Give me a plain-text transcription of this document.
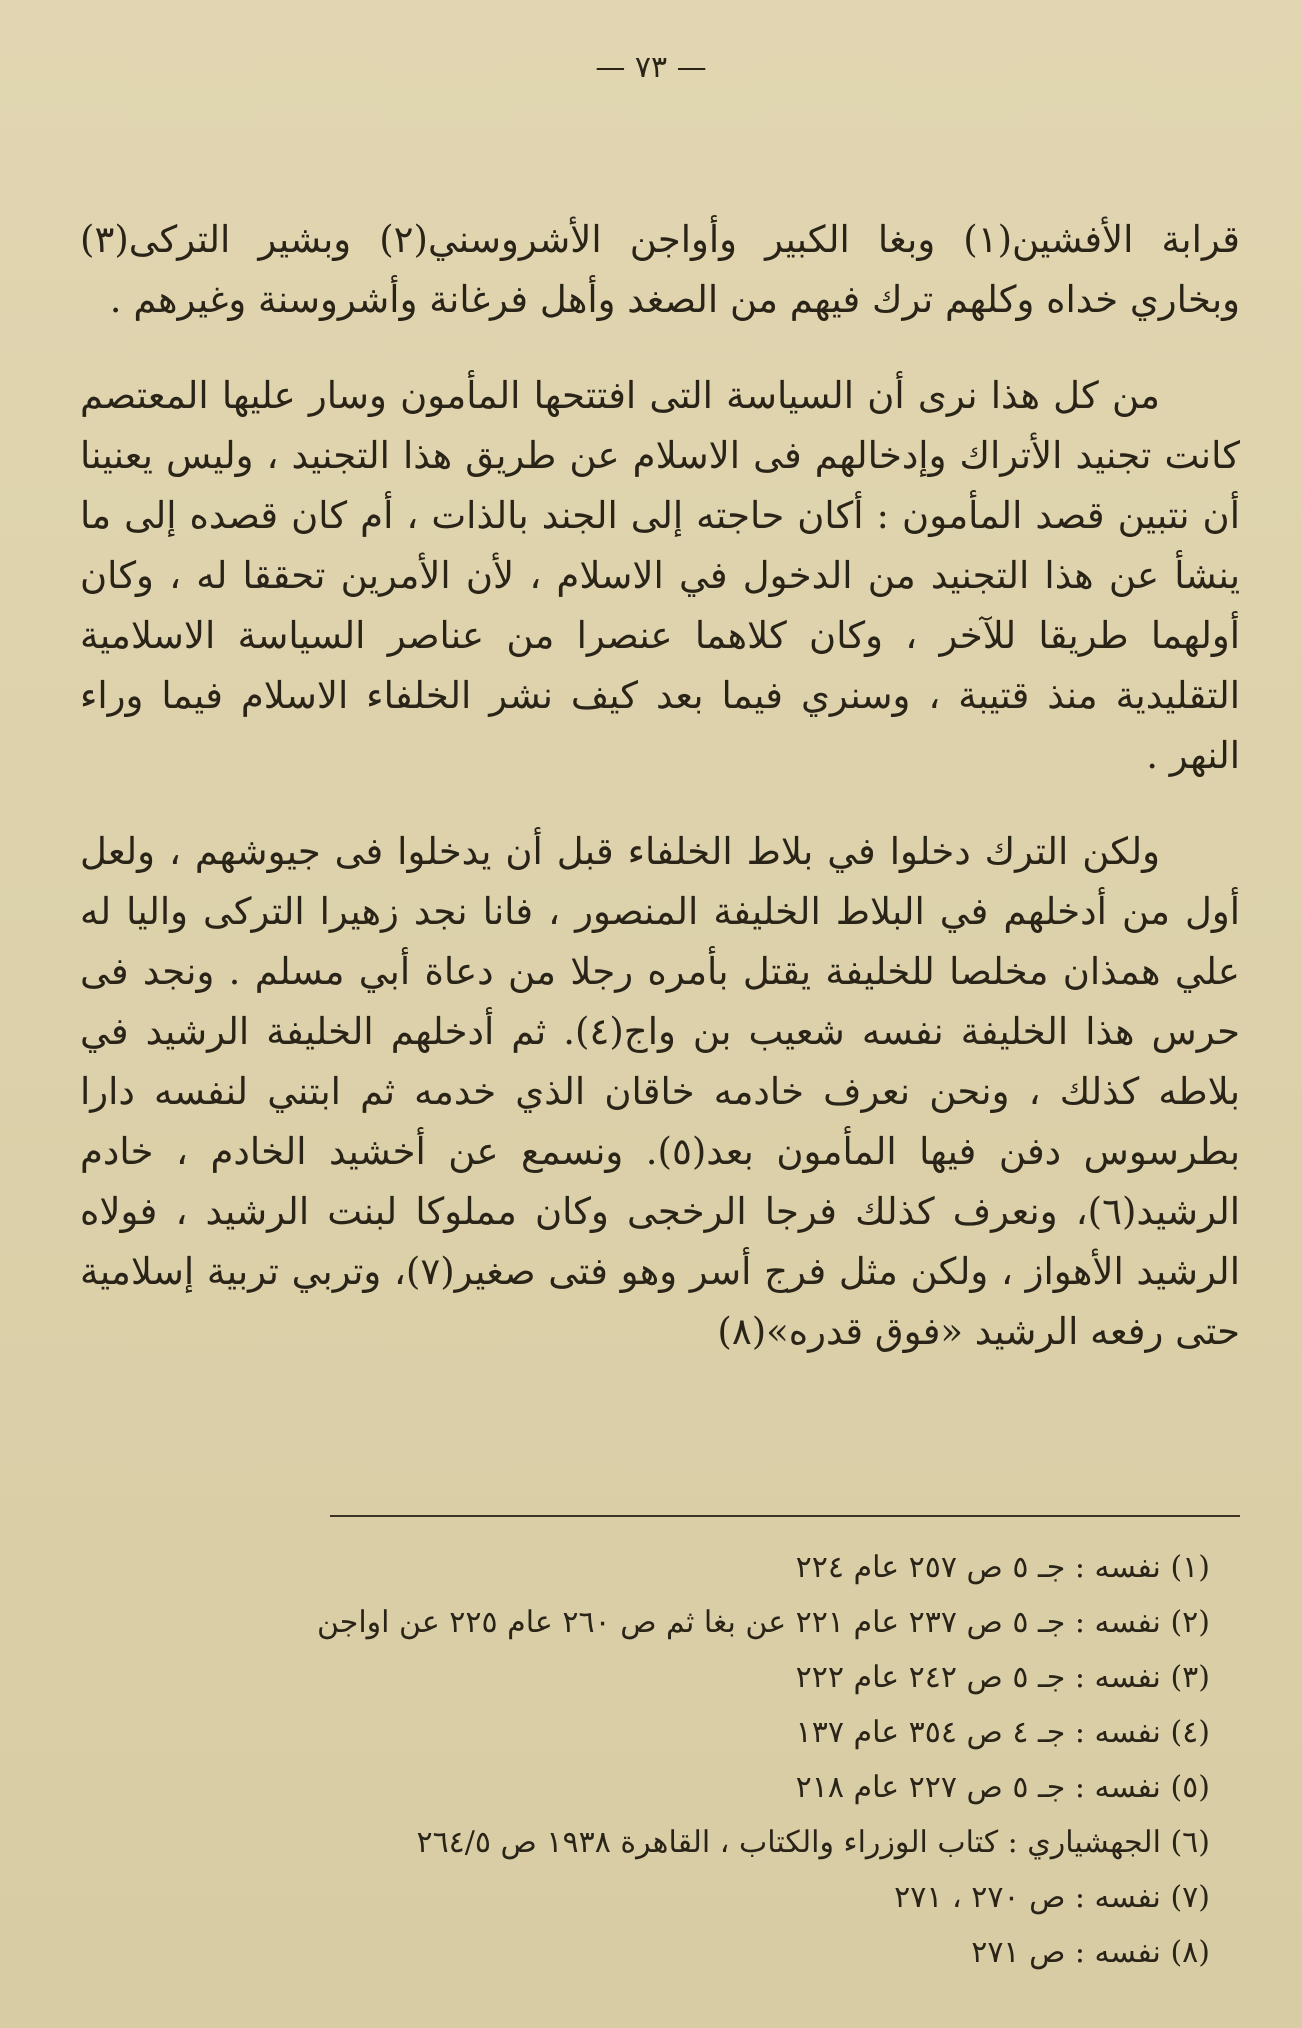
— ٧٣ —

قرابة الأفشين(١) وبغا الكبير وأواجن الأشروسني(٢) وبشير التركى(٣) وبخاري خداه وكلهم ترك فيهم من الصغد وأهل فرغانة وأشروسنة وغيرهم .

من كل هذا نرى أن السياسة التى افتتحها المأمون وسار عليها المعتصم كانت تجنيد الأتراك وإدخالهم فى الاسلام عن طريق هذا التجنيد ، وليس يعنينا أن نتبين قصد المأمون : أكان حاجته إلى الجند بالذات ، أم كان قصده إلى ما ينشأ عن هذا التجنيد من الدخول في الاسلام ، لأن الأمرين تحققا له ، وكان أولهما طريقا للآخر ، وكان كلاهما عنصرا من عناصر السياسة الاسلامية التقليدية منذ قتيبة ، وسنري فيما بعد كيف نشر الخلفاء الاسلام فيما وراء النهر .

ولكن الترك دخلوا في بلاط الخلفاء قبل أن يدخلوا فى جيوشهم ، ولعل أول من أدخلهم في البلاط الخليفة المنصور ، فانا نجد زهيرا التركى واليا له علي همذان مخلصا للخليفة يقتل بأمره رجلا من دعاة أبي مسلم . ونجد فى حرس هذا الخليفة نفسه شعيب بن واج(٤). ثم أدخلهم الخليفة الرشيد في بلاطه كذلك ، ونحن نعرف خادمه خاقان الذي خدمه ثم ابتني لنفسه دارا بطرسوس دفن فيها المأمون بعد(٥). ونسمع عن أخشيد الخادم ، خادم الرشيد(٦)، ونعرف كذلك فرجا الرخجى وكان مملوكا لبنت الرشيد ، فولاه الرشيد الأهواز ، ولكن مثل فرج أسر وهو فتى صغير(٧)، وتربي تربية إسلامية حتى رفعه الرشيد «فوق قدره»(٨)

(١) نفسه : جـ ٥ ص ٢٥٧ عام ٢٢٤
(٢) نفسه : جـ ٥ ص ٢٣٧ عام ٢٢١ عن بغا ثم ص ٢٦٠ عام ٢٢٥ عن اواجن
(٣) نفسه : جـ ٥ ص ٢٤٢ عام ٢٢٢
(٤) نفسه : جـ ٤ ص ٣٥٤ عام ١٣٧
(٥) نفسه : جـ ٥ ص ٢٢٧ عام ٢١٨
(٦) الجهشياري : كتاب الوزراء والكتاب ، القاهرة ١٩٣٨ ص ٢٦٤/٥
(٧) نفسه : ص ٢٧٠ ، ٢٧١
(٨) نفسه : ص ٢٧١
